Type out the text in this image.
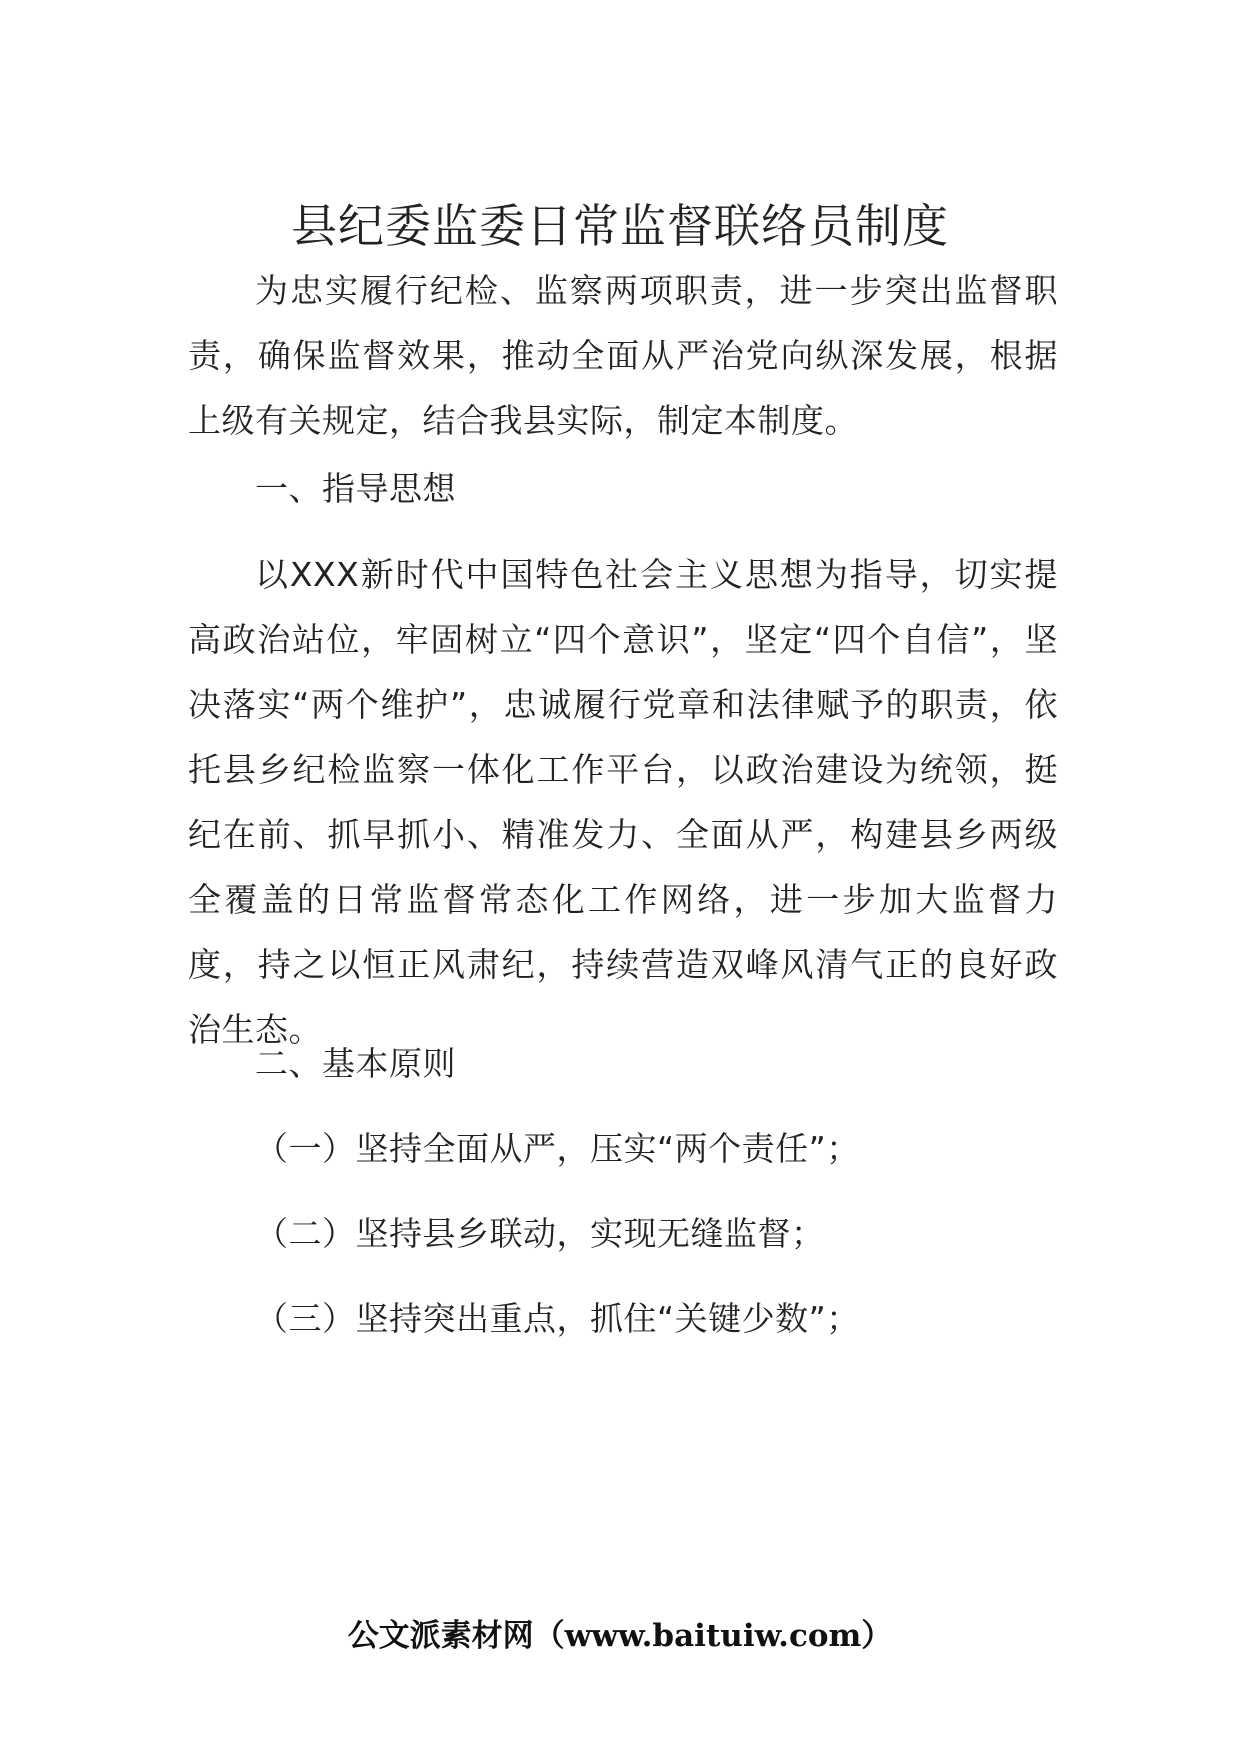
县纪委监委日常监督联络员制度

为忠实履行纪检、监察两项职责，进一步突出监督职责，确保监督效果，推动全面从严治党向纵深发展，根据上级有关规定，结合我县实际，制定本制度。

一、指导思想

以XXX新时代中国特色社会主义思想为指导，切实提高政治站位，牢固树立“四个意识”，坚定“四个自信”，坚决落实“两个维护”，忠诚履行党章和法律赋予的职责，依托县乡纪检监察一体化工作平台，以政治建设为统领，挺纪在前、抓早抓小、精准发力、全面从严，构建县乡两级全覆盖的日常监督常态化工作网络，进一步加大监督力度，持之以恒正风肃纪，持续营造双峰风清气正的良好政治生态。

二、基本原则

（一）坚持全面从严，压实“两个责任”；

（二）坚持县乡联动，实现无缝监督；

（三）坚持突出重点，抓住“关键少数”；

公文派素材网（www.baituiw.com）
